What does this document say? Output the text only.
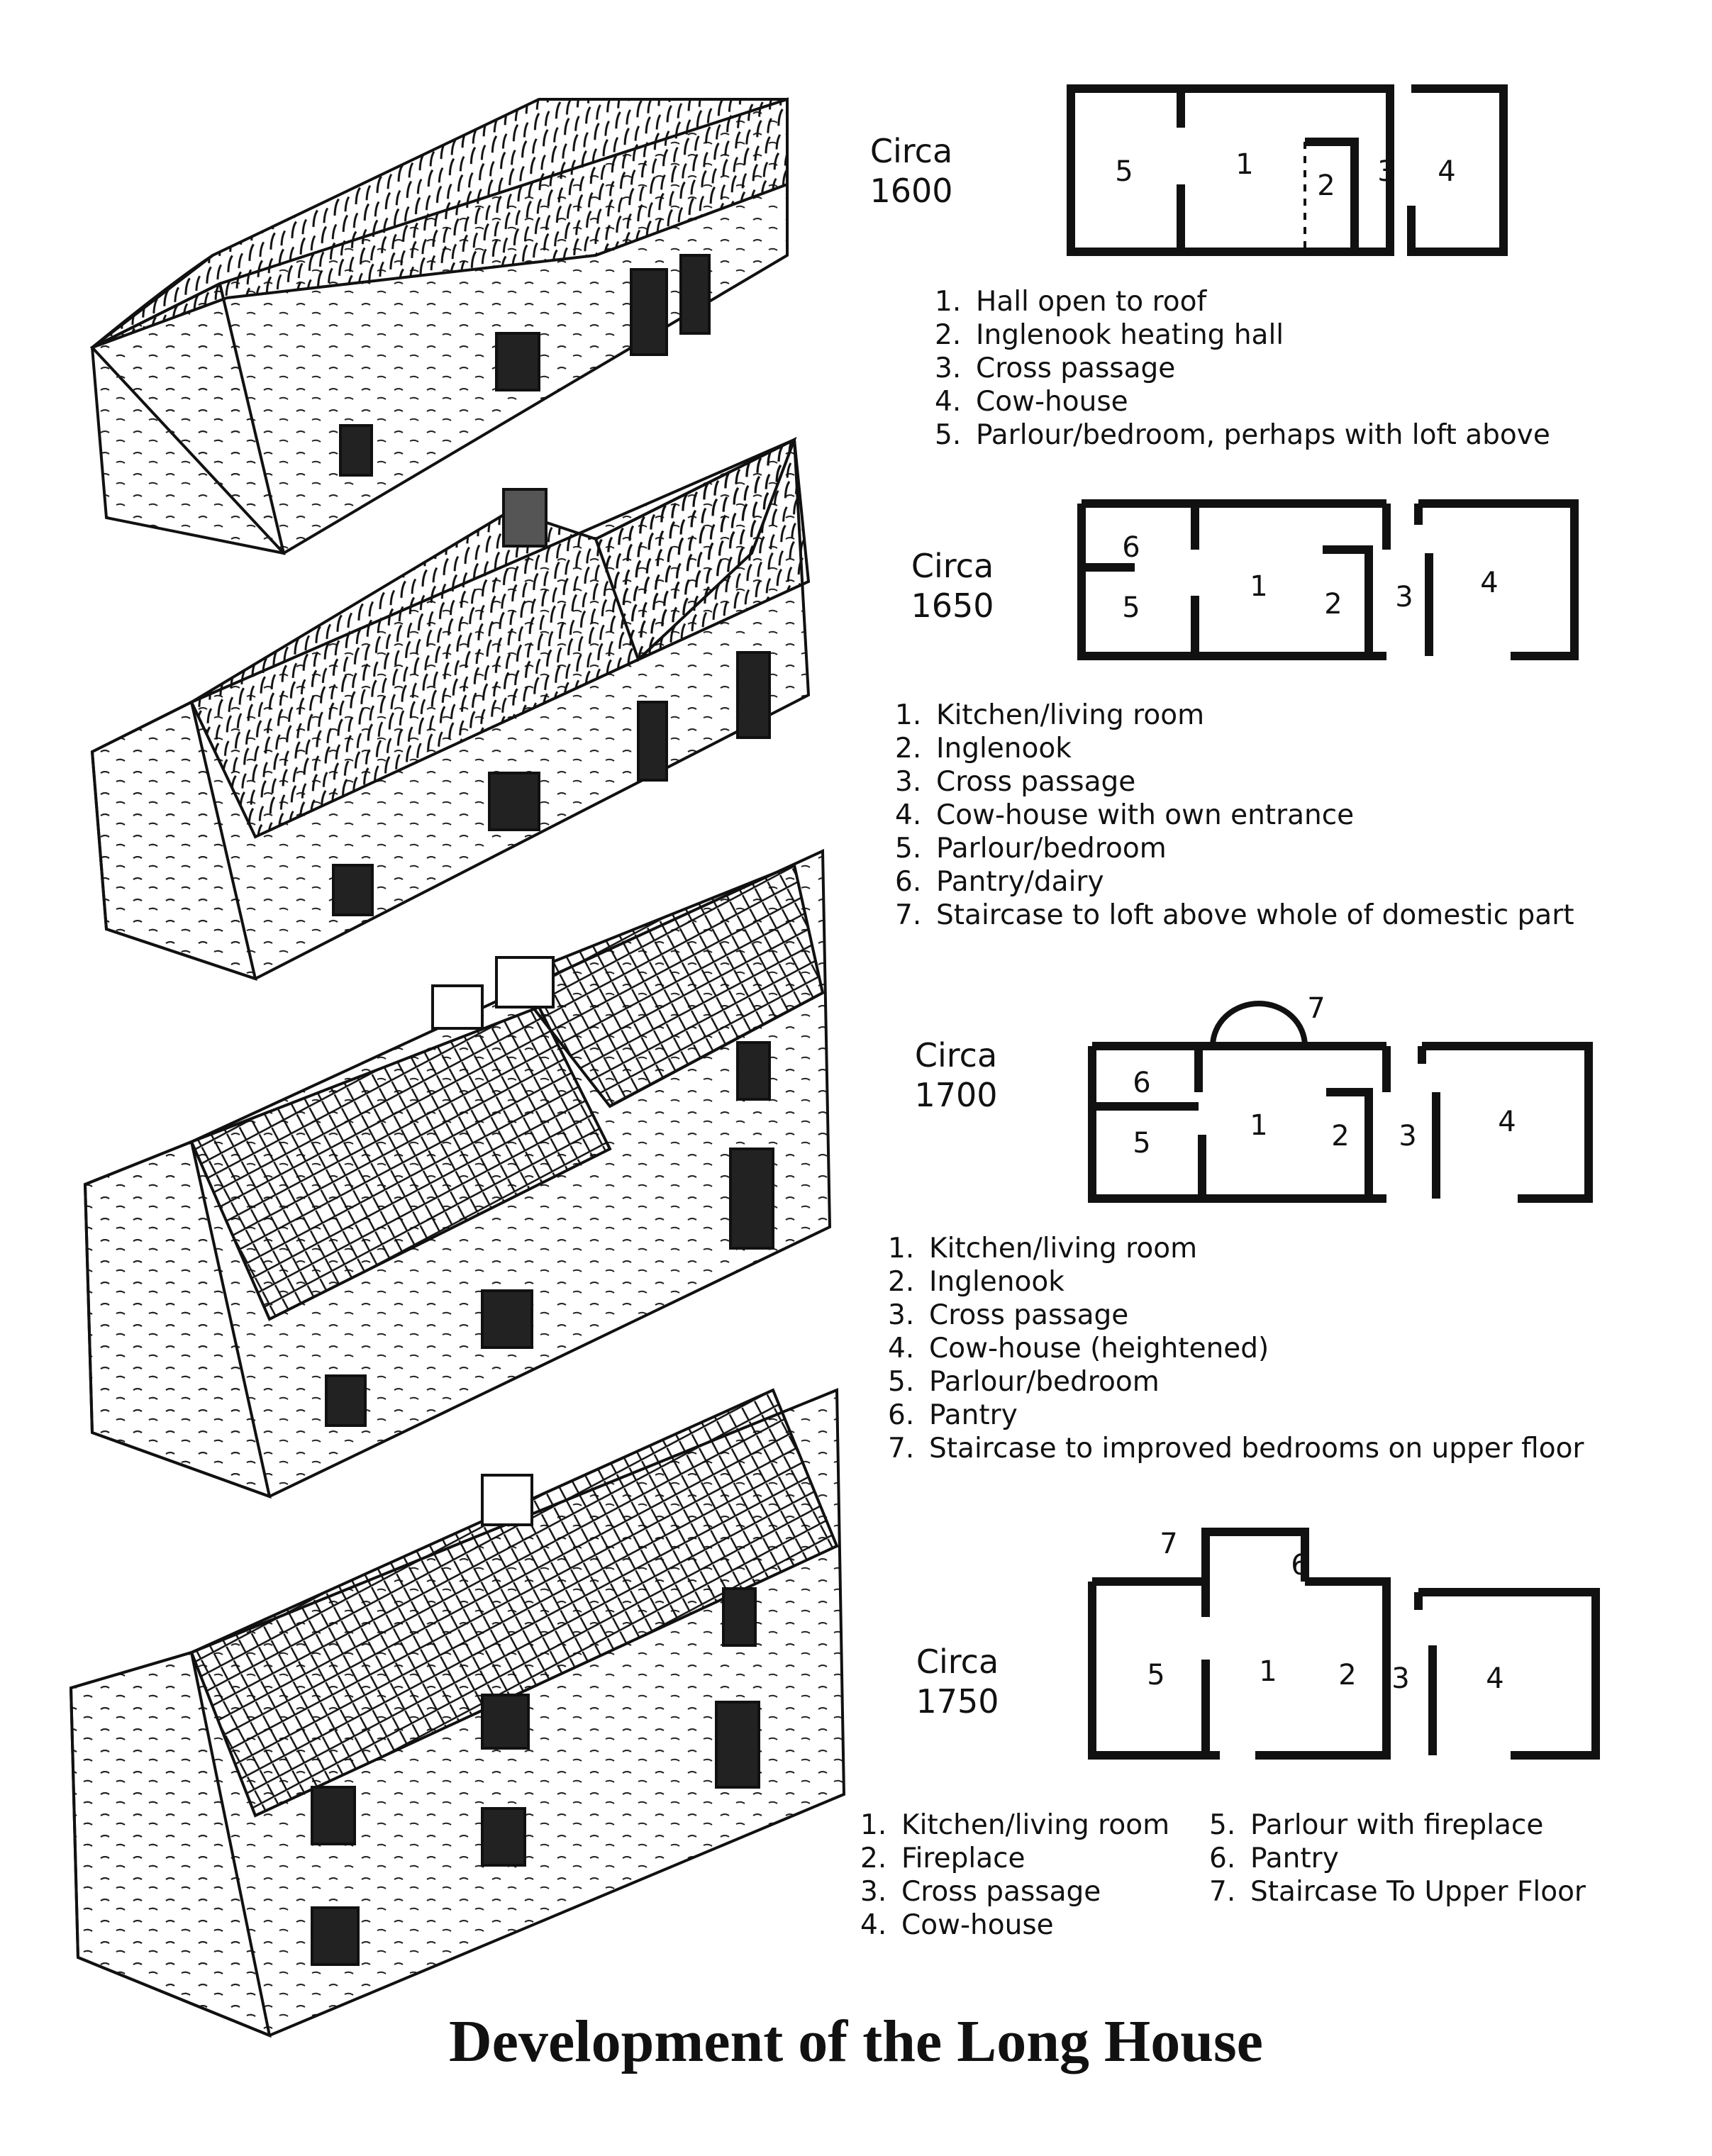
5	1
2 3 4
6
5
1
2 3 4
7
6
5
1 2 3	4
7
6
5	1 2 3	4
Circa
1600
Circa
1650
Circa
1700
Circa
1750
1. Hall open to roof
2. Inglenook heating hall
3. Cross passage
4. Cow-house
5. Parlour/bedroom, perhaps with loft above
1. Kitchen/living room
2. Inglenook
3. Cross passage
4. Cow-house with own entrance
5. Parlour/bedroom
6. Pantry/dairy
7. Staircase to loft above whole of domestic part
1. Kitchen/living room
2. Inglenook
3. Cross passage
4. Cow-house (heightened)
5. Parlour/bedroom
6. Pantry
7. Staircase to improved bedrooms on upper floor
1. Kitchen/living room
2. Fireplace
3. Cross passage
4. Cow-house
5. Parlour with fireplace
6. Pantry
7. Staircase To Upper Floor
Development of the Long House
